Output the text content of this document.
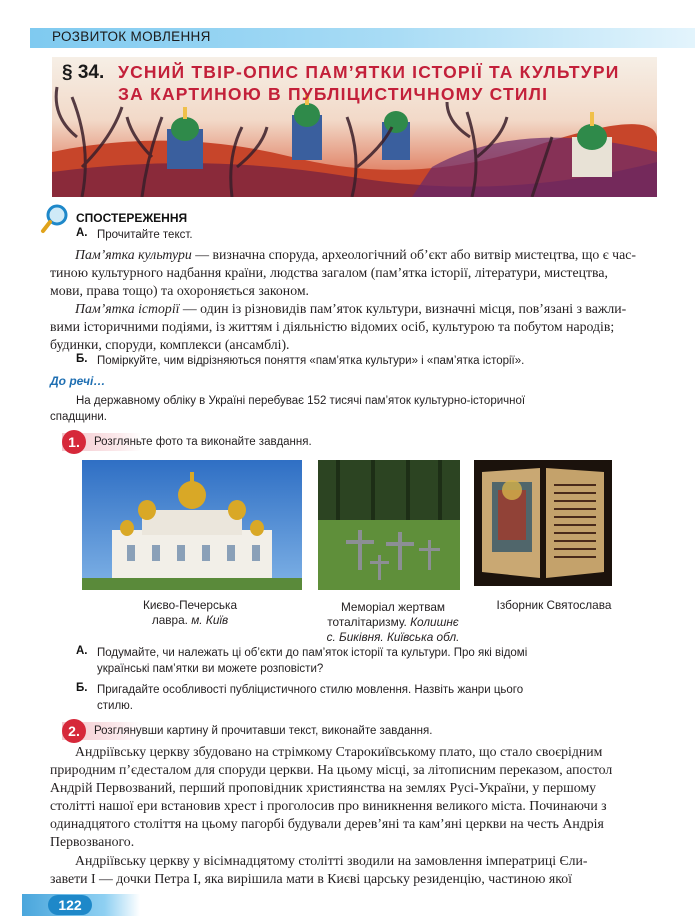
РОЗВИТОК МОВЛЕННЯ
§ 34. УСНИЙ ТВІР-ОПИС ПАМ’ЯТКИ ІСТОРІЇ ТА КУЛЬТУРИ
ЗА КАРТИНОЮ В ПУБЛІЦИСТИЧНОМУ СТИЛІ
СПОСТЕРЕЖЕННЯ
А. Прочитайте текст.
Пам’ятка культури — визначна споруда, археологічний об’єкт або витвір мистецтва, що є час-
тиною культурного надбання країни, людства загалом (пам’ятка історії, літератури, мистецтва,
мови, права тощо) та охороняється законом.
Пам’ятка історії — один із різновидів пам’яток культури, визначні місця, пов’язані з важли-
вими історичними подіями, із життям і діяльністю відомих осіб, культурою та побутом народів;
будинки, споруди, комплекси (ансамблі).
Б. Поміркуйте, чим відрізняються поняття «пам’ятка культури» і «пам’ятка історії».
До речі…
На державному обліку в Україні перебуває 152 тисячі пам’яток культурно-історичної
спадщини.
1.	Розгляньте фото та виконайте завдання.
Києво-Печерська
лавра. м. Київ
Меморіал жертвам
тоталітаризму. Колишнє
с. Биківня. Київська обл.
Ізборник Святослава
А. Подумайте, чи належать ці об’єкти до пам’яток історії та культури. Про які відомі
українські пам’ятки ви можете розповісти?
Б. Пригадайте особливості публіцистичного стилю мовлення. Назвіть жанри цього
стилю.
2.	Розглянувши картину й прочитавши текст, виконайте завдання.
Андріївську церкву збудовано на стрімкому Старокиївському плато, що стало своєрідним
природним п’єдесталом для споруди церкви. На цьому місці, за літописним переказом, апостол
Андрій Первозваний, перший проповідник християнства на землях Русі-України, у першому
столітті нашої ери встановив хрест і проголосив про виникнення великого міста. Починаючи з
одинадцятого століття на цьому пагорбі будували дерев’яні та кам’яні церкви на честь Андрія
Первозваного.
Андріївську церкву у вісімнадцятому столітті зводили на замовлення імператриці Єли-
завети І — дочки Петра І, яка вирішила мати в Києві царську резиденцію, частиною якої
122
